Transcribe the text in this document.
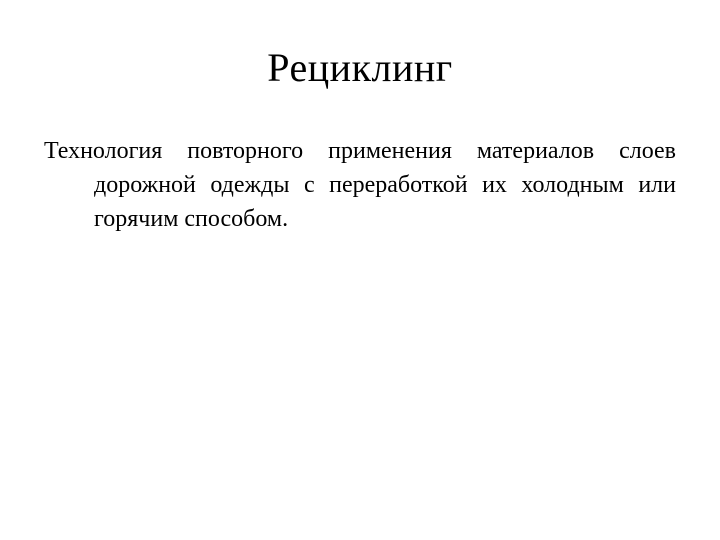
Рециклинг

Технология повторного применения материалов слоев дорожной одежды с переработкой их холодным или горячим способом.
